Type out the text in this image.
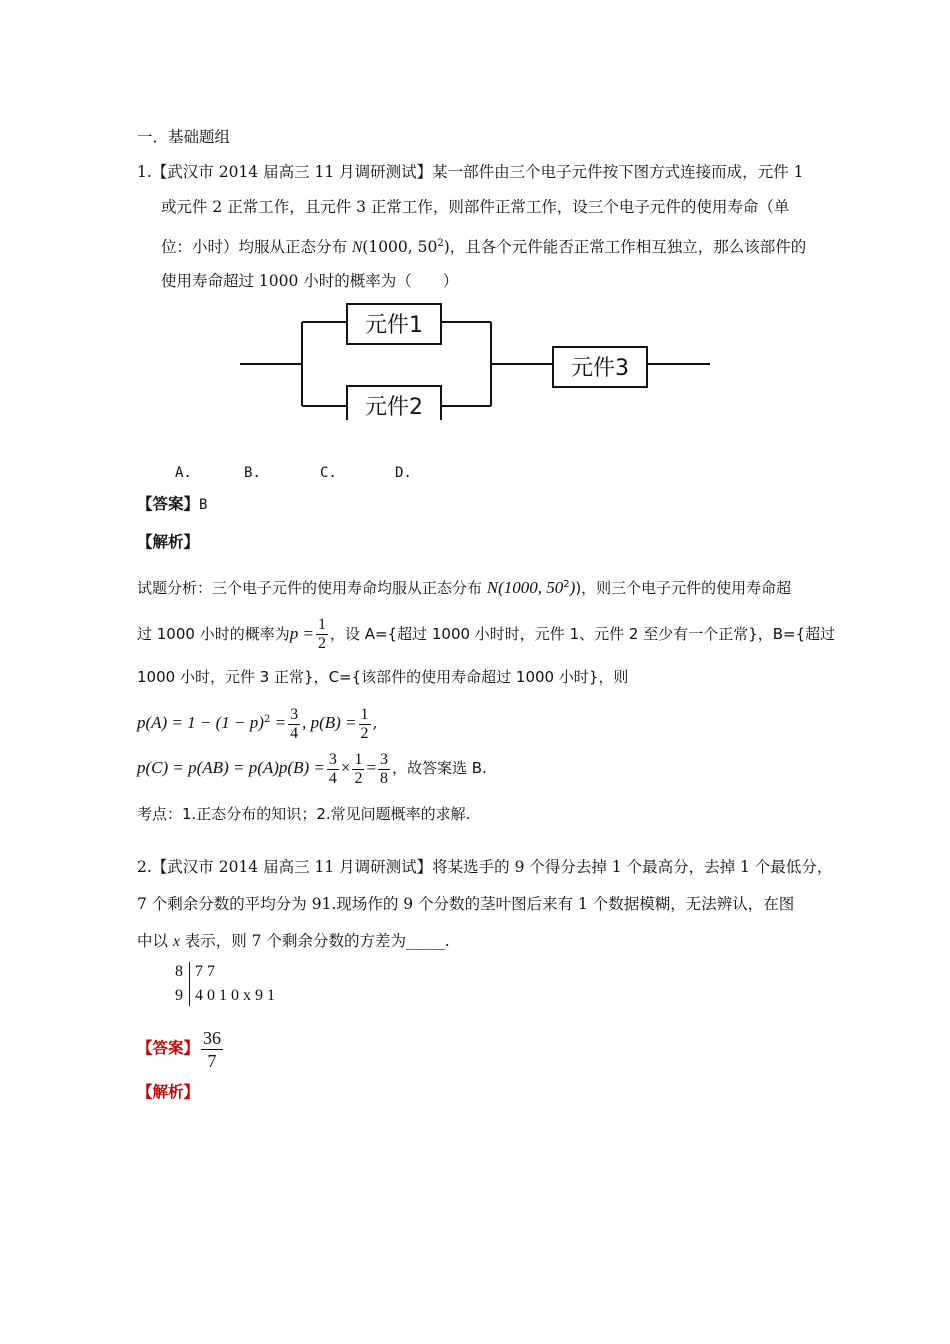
一．基础题组
1.【武汉市 2014 届高三 11 月调研测试】某一部件由三个电子元件按下图方式连接而成，元件 1
或元件 2 正常工作，且元件 3 正常工作，则部件正常工作，设三个电子元件的使用寿命（单
位：小时）均服从正态分布 N(1000, $50^2$)，且各个元件能否正常工作相互独立，那么该部件的
使用寿命超过 1000 小时的概率为（　　）
元件1
元件2
元件3
A.	B.	C.	D.
【答案】B
【解析】
试题分析：三个电子元件的使用寿命均服从正态分布 N(1000, $50^2$))，则三个电子元件的使用寿命超
过 1000 小时的概率为$p = \frac{1}{2}$ ，设 A={超过 1000 小时时，元件 1、元件 2 至少有一个正常}，B={超过
1000 小时，元件 3 正常}，C={该部件的使用寿命超过 1000 小时}，则
$p(A) = 1 - (1 - p)^2 = \frac{3}{4}$ , $p(B) = \frac{1}{2}$ ,
$p(C) = p(AB) = p(A)p(B) = \frac{3}{4} \times \frac{1}{2} = \frac{3}{8}$ ，故答案选 B.
考点：1.正态分布的知识；2.常见问题概率的求解.
2.【武汉市 2014 届高三 11 月调研测试】将某选手的 9 个得分去掉 1 个最高分，去掉 1 个最低分，
7 个剩余分数的平均分为 91.现场作的 9 个分数的茎叶图后来有 1 个数据模糊，无法辨认，在图
中以 x 表示，则 7 个剩余分数的方差为_____.
8 7 7
9 4 0 1 0 x 9 1
【答案】 $\frac{36}{7}$
【解析】
